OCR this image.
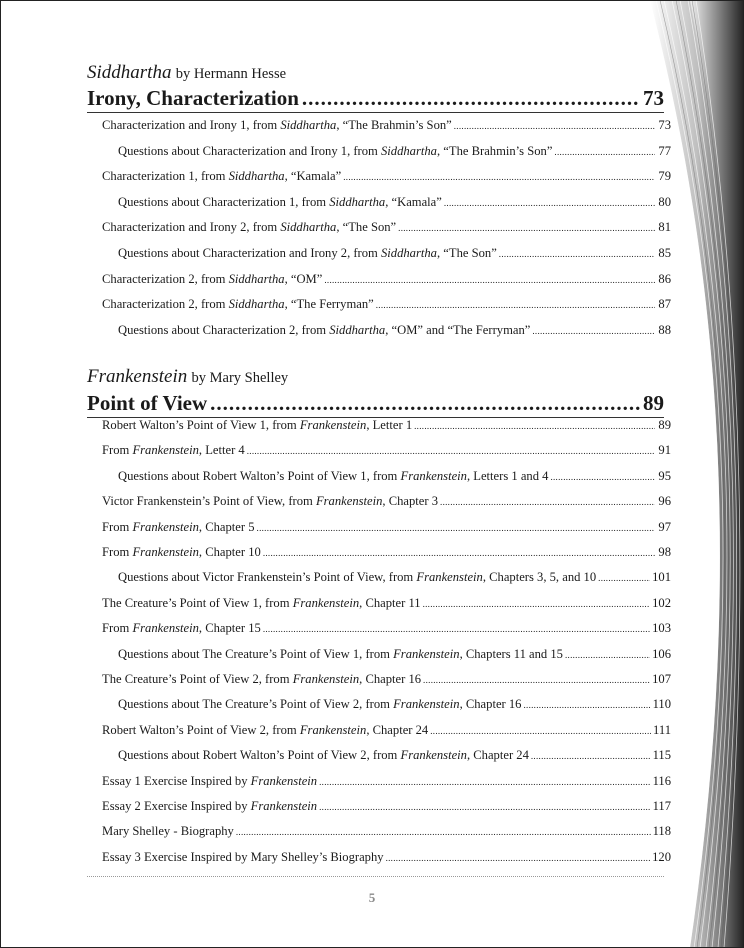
Siddhartha by Hermann Hesse
Irony, Characterization .....	73
Characterization and Irony 1, from Siddhartha, “The Brahmin’s Son” .....	73
Questions about Characterization and Irony 1, from Siddhartha, “The Brahmin’s Son” .....	77
Characterization 1, from Siddhartha, “Kamala” .....	79
Questions about Characterization 1, from Siddhartha, “Kamala” .....	80
Characterization and Irony 2, from Siddhartha, “The Son” .....	81
Questions about Characterization and Irony 2, from Siddhartha, “The Son” .....	85
Characterization 2, from Siddhartha, “OM” .....	86
Characterization 2, from Siddhartha, “The Ferryman” .....	87
Questions about Characterization 2, from Siddhartha, “OM” and “The Ferryman” .....	88
Frankenstein by Mary Shelley
Point of View .....	89
Robert Walton’s Point of View 1, from Frankenstein, Letter 1 .....	89
From Frankenstein, Letter 4 .....	91
Questions about Robert Walton’s Point of View 1, from Frankenstein, Letters 1 and 4 .....	95
Victor Frankenstein’s Point of View, from Frankenstein, Chapter 3 .....	96
From Frankenstein, Chapter 5 .....	97
From Frankenstein, Chapter 10 .....	98
Questions about Victor Frankenstein’s Point of View, from Frankenstein, Chapters 3, 5, and 10 .....	101
The Creature’s Point of View 1, from Frankenstein, Chapter 11 .....	102
From Frankenstein, Chapter 15 .....	103
Questions about The Creature’s Point of View 1, from Frankenstein, Chapters 11 and 15 .....	106
The Creature’s Point of View 2, from Frankenstein, Chapter 16 .....	107
Questions about The Creature’s Point of View 2, from Frankenstein, Chapter 16 .....	110
Robert Walton’s Point of View 2, from Frankenstein, Chapter 24 .....	111
Questions about Robert Walton’s Point of View 2, from Frankenstein, Chapter 24 .....	115
Essay 1 Exercise Inspired by Frankenstein .....	116
Essay 2 Exercise Inspired by Frankenstein .....	117
Mary Shelley - Biography .....	118
Essay 3 Exercise Inspired by Mary Shelley’s Biography .....	120
5
